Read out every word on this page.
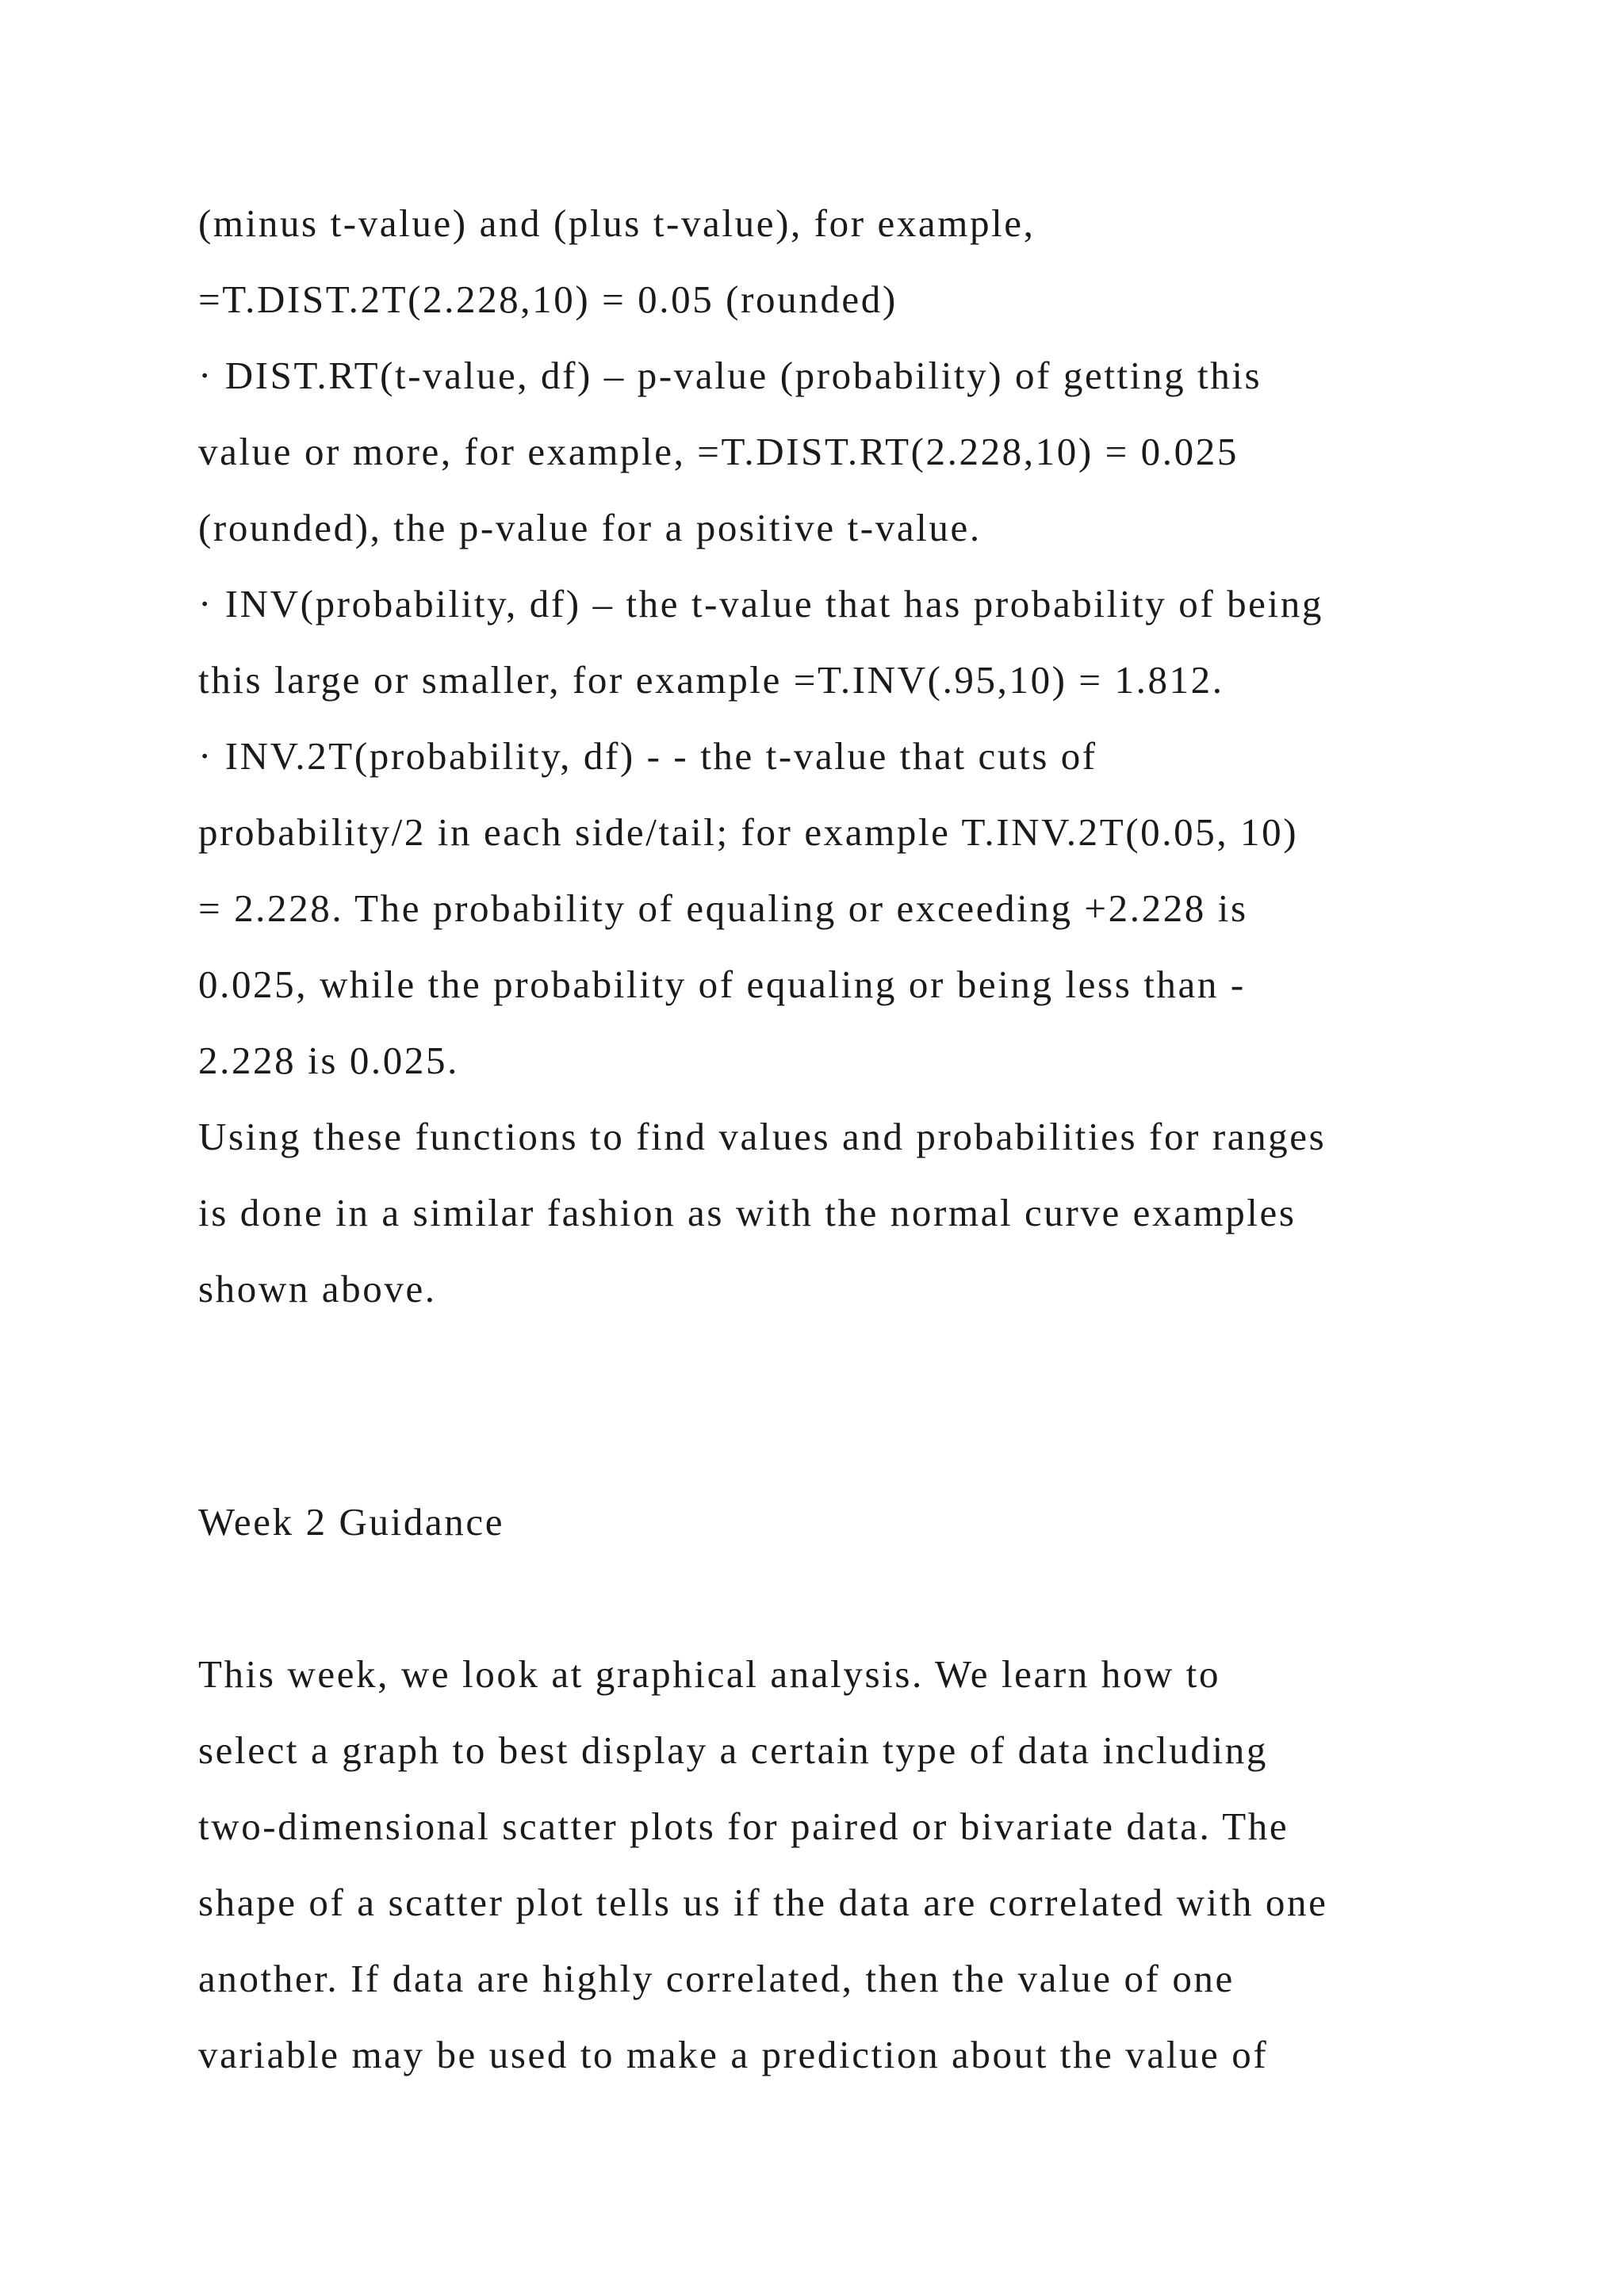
(minus t-value) and (plus t-value), for example,
=T.DIST.2T(2.228,10) = 0.05 (rounded)
· DIST.RT(t-value, df) – p-value (probability) of getting this
value or more, for example, =T.DIST.RT(2.228,10) = 0.025
(rounded), the p-value for a positive t-value.
· INV(probability, df) – the t-value that has probability of being
this large or smaller, for example =T.INV(.95,10) = 1.812.
· INV.2T(probability, df) - - the t-value that cuts of
probability/2 in each side/tail; for example T.INV.2T(0.05, 10)
= 2.228. The probability of equaling or exceeding +2.228 is
0.025, while the probability of equaling or being less than -
2.228 is 0.025.
Using these functions to find values and probabilities for ranges
is done in a similar fashion as with the normal curve examples
shown above.
Week 2 Guidance
This week, we look at graphical analysis. We learn how to
select a graph to best display a certain type of data including
two-dimensional scatter plots for paired or bivariate data. The
shape of a scatter plot tells us if the data are correlated with one
another. If data are highly correlated, then the value of one
variable may be used to make a prediction about the value of
